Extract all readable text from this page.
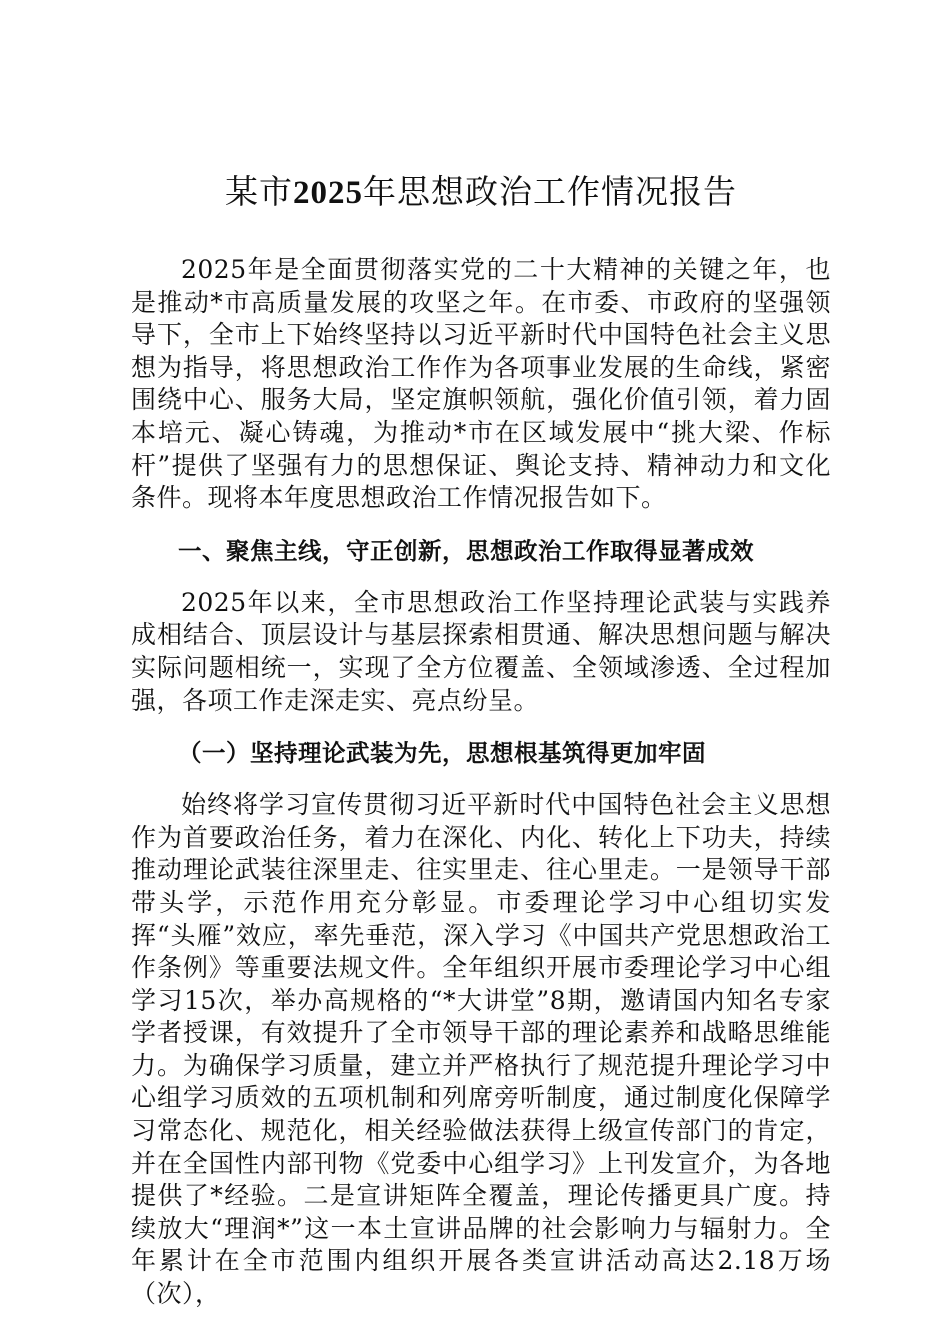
某市2025年思想政治工作情况报告

2025年是全面贯彻落实党的二十大精神的关键之年，也是推动*市高质量发展的攻坚之年。在市委、市政府的坚强领导下，全市上下始终坚持以习近平新时代中国特色社会主义思想为指导，将思想政治工作作为各项事业发展的生命线，紧密围绕中心、服务大局，坚定旗帜领航，强化价值引领，着力固本培元、凝心铸魂，为推动*市在区域发展中“挑大梁、作标杆”提供了坚强有力的思想保证、舆论支持、精神动力和文化条件。现将本年度思想政治工作情况报告如下。

一、聚焦主线，守正创新，思想政治工作取得显著成效

2025年以来，全市思想政治工作坚持理论武装与实践养成相结合、顶层设计与基层探索相贯通、解决思想问题与解决实际问题相统一，实现了全方位覆盖、全领域渗透、全过程加强，各项工作走深走实、亮点纷呈。

（一）坚持理论武装为先，思想根基筑得更加牢固

始终将学习宣传贯彻习近平新时代中国特色社会主义思想作为首要政治任务，着力在深化、内化、转化上下功夫，持续推动理论武装往深里走、往实里走、往心里走。一是领导干部带头学，示范作用充分彰显。市委理论学习中心组切实发挥“头雁”效应，率先垂范，深入学习《中国共产党思想政治工作条例》等重要法规文件。全年组织开展市委理论学习中心组学习15次，举办高规格的“*大讲堂”8期，邀请国内知名专家学者授课，有效提升了全市领导干部的理论素养和战略思维能力。为确保学习质量，建立并严格执行了规范提升理论学习中心组学习质效的五项机制和列席旁听制度，通过制度化保障学习常态化、规范化，相关经验做法获得上级宣传部门的肯定，并在全国性内部刊物《党委中心组学习》上刊发宣介，为各地提供了*经验。二是宣讲矩阵全覆盖，理论传播更具广度。持续放大“理润*”这一本土宣讲品牌的社会影响力与辐射力。全年累计在全市范围内组织开展各类宣讲活动高达2.18万场（次），
